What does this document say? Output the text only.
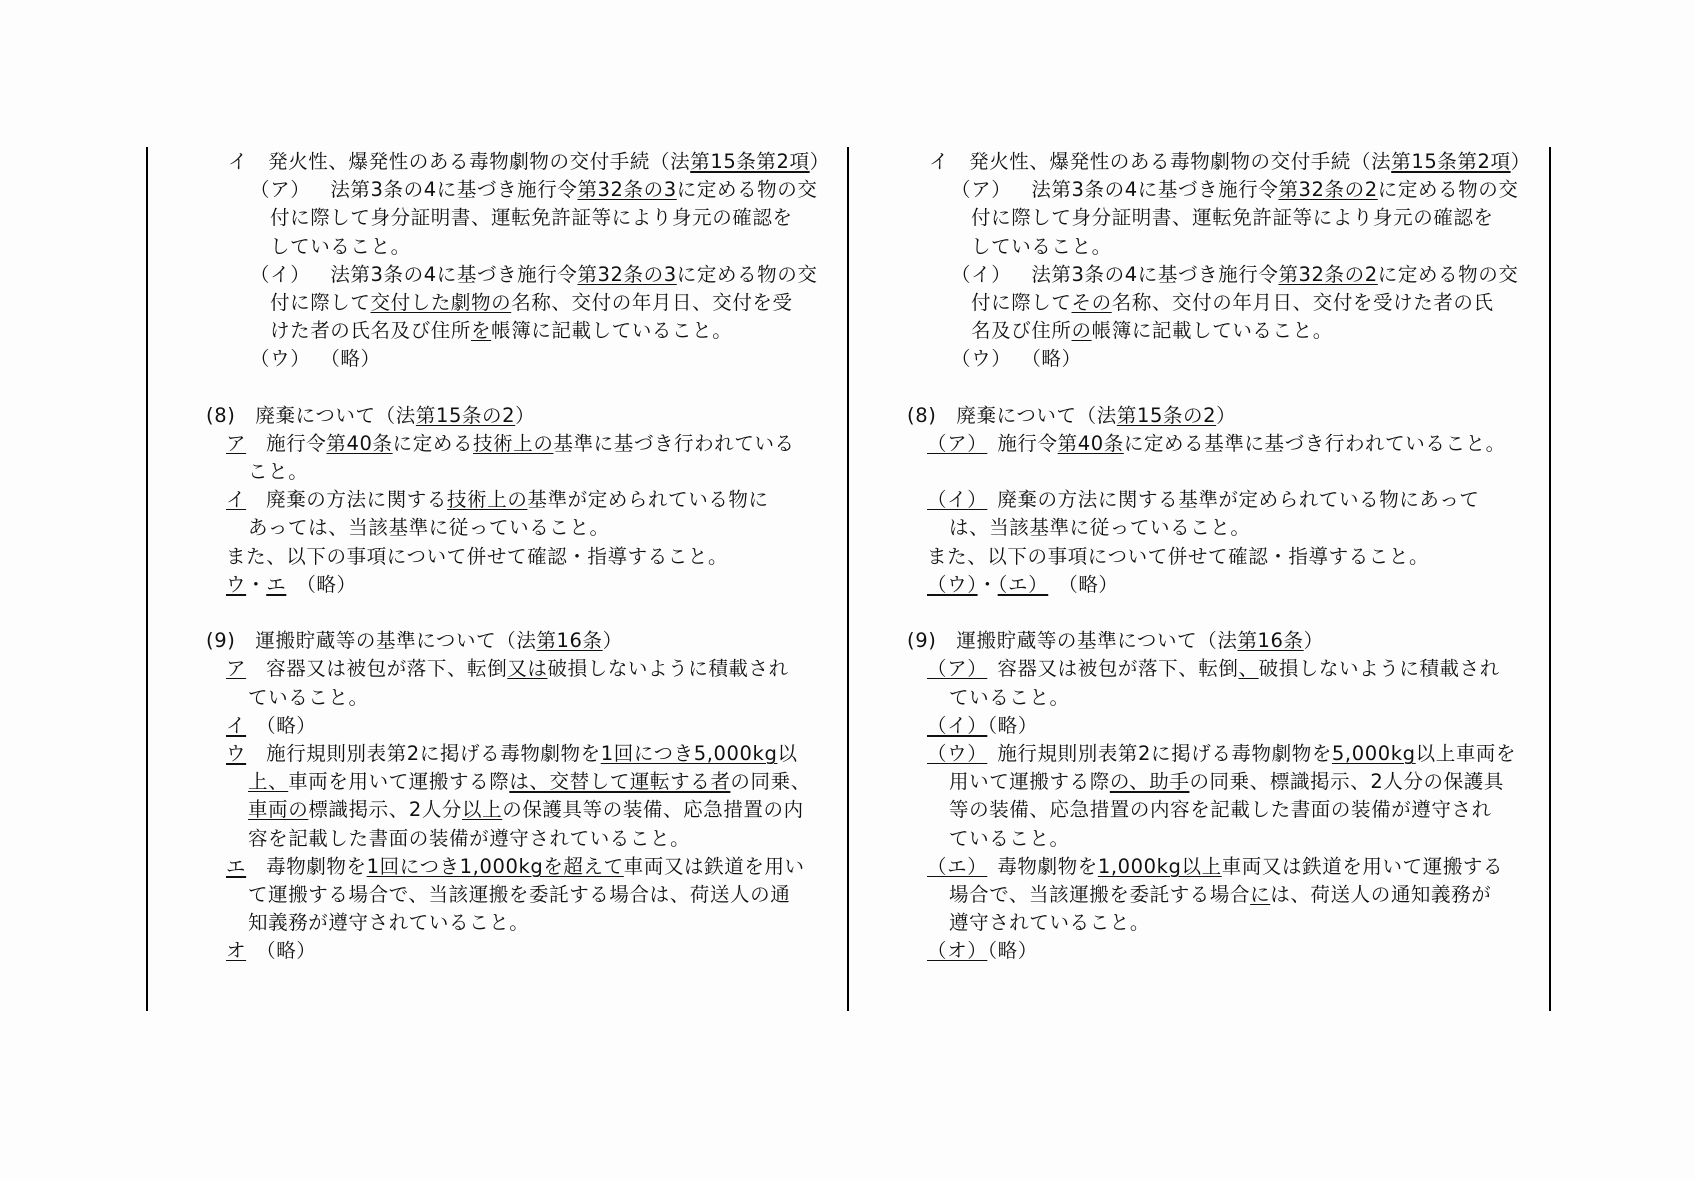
イ 発火性、爆発性のある毒物劇物の交付手続（法第15条第2項）
（ア） 法第3条の4に基づき施行令第32条の3に定める物の交
付に際して身分証明書、運転免許証等により身元の確認を
していること。
（イ） 法第3条の4に基づき施行令第32条の3に定める物の交
付に際して交付した劇物の名称、交付の年月日、交付を受
けた者の氏名及び住所を帳簿に記載していること。
（ウ） （略）
(8) 廃棄について（法第15条の2）
ア 施行令第40条に定める技術上の基準に基づき行われている
こと。
イ 廃棄の方法に関する技術上の基準が定められている物に
あっては、当該基準に従っていること。
また、以下の事項について併せて確認・指導すること。
ウ・エ （略）
(9) 運搬貯蔵等の基準について（法第16条）
ア 容器又は被包が落下、転倒又は破損しないように積載され
ていること。
イ （略）
ウ 施行規則別表第2に掲げる毒物劇物を1回につき5,000kg以
上、車両を用いて運搬する際は、交替して運転する者の同乗、
車両の標識掲示、2人分以上の保護具等の装備、応急措置の内
容を記載した書面の装備が遵守されていること。
エ 毒物劇物を1回につき1,000kgを超えて車両又は鉄道を用い
て運搬する場合で、当該運搬を委託する場合は、荷送人の通
知義務が遵守されていること。
オ （略）
イ 発火性、爆発性のある毒物劇物の交付手続（法第15条第2項）
（ア） 法第3条の4に基づき施行令第32条の2に定める物の交
付に際して身分証明書、運転免許証等により身元の確認を
していること。
（イ） 法第3条の4に基づき施行令第32条の2に定める物の交
付に際してその名称、交付の年月日、交付を受けた者の氏
名及び住所の帳簿に記載していること。
（ウ） （略）
(8) 廃棄について（法第15条の2）
（ア） 施行令第40条に定める基準に基づき行われていること。
（イ） 廃棄の方法に関する基準が定められている物にあって
は、当該基準に従っていること。
また、以下の事項について併せて確認・指導すること。
（ウ）・（エ） （略）
(9) 運搬貯蔵等の基準について（法第16条）
（ア） 容器又は被包が落下、転倒、破損しないように積載され
ていること。
（イ）（略）
（ウ） 施行規則別表第2に掲げる毒物劇物を5,000kg以上車両を
用いて運搬する際の、助手の同乗、標識掲示、2人分の保護具
等の装備、応急措置の内容を記載した書面の装備が遵守され
ていること。
（エ） 毒物劇物を1,000kg以上車両又は鉄道を用いて運搬する
場合で、当該運搬を委託する場合には、荷送人の通知義務が
遵守されていること。
（オ）（略）
